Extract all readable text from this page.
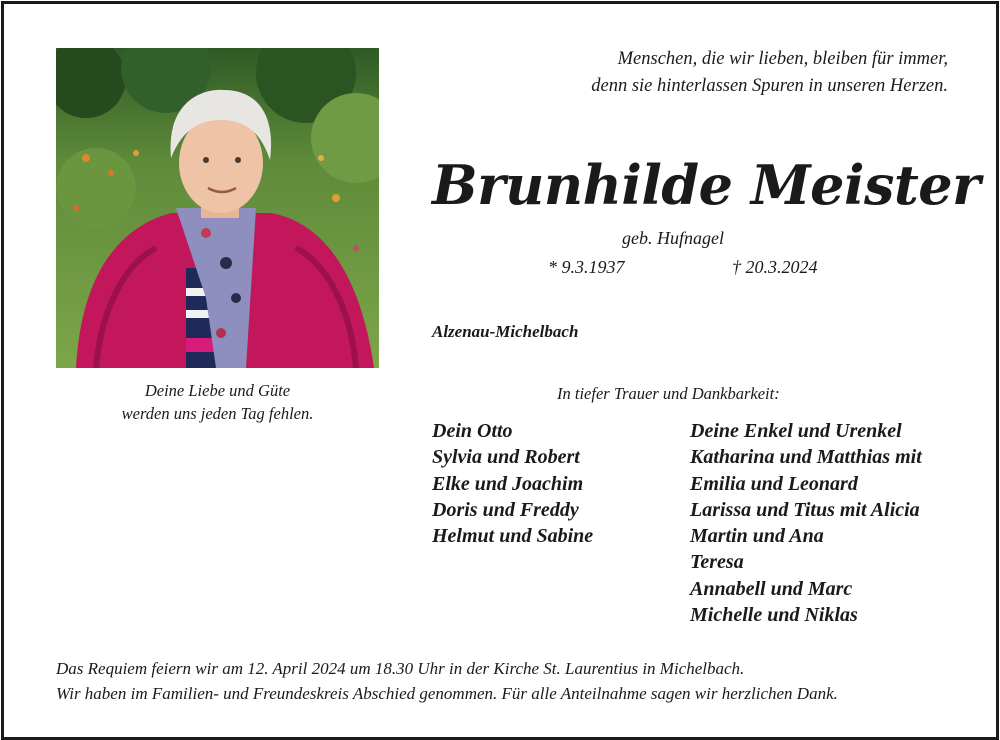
Deine Liebe und Güte
werden uns jeden Tag fehlen.
Menschen, die wir lieben, bleiben für immer,
denn sie hinterlassen Spuren in unseren Herzen.
Brunhilde Meister
geb. Hufnagel
* 9.3.1937	† 20.3.2024
Alzenau-Michelbach
In tiefer Trauer und Dankbarkeit:
Dein Otto
Sylvia und Robert
Elke und Joachim
Doris und Freddy
Helmut und Sabine
Deine Enkel und Urenkel
Katharina und Matthias mit
Emilia und Leonard
Larissa und Titus mit Alicia
Martin und Ana
Teresa
Annabell und Marc
Michelle und Niklas
Das Requiem feiern wir am 12. April 2024 um 18.30 Uhr in der Kirche St. Laurentius in Michelbach.
Wir haben im Familien- und Freundeskreis Abschied genommen. Für alle Anteilnahme sagen wir herzlichen Dank.
